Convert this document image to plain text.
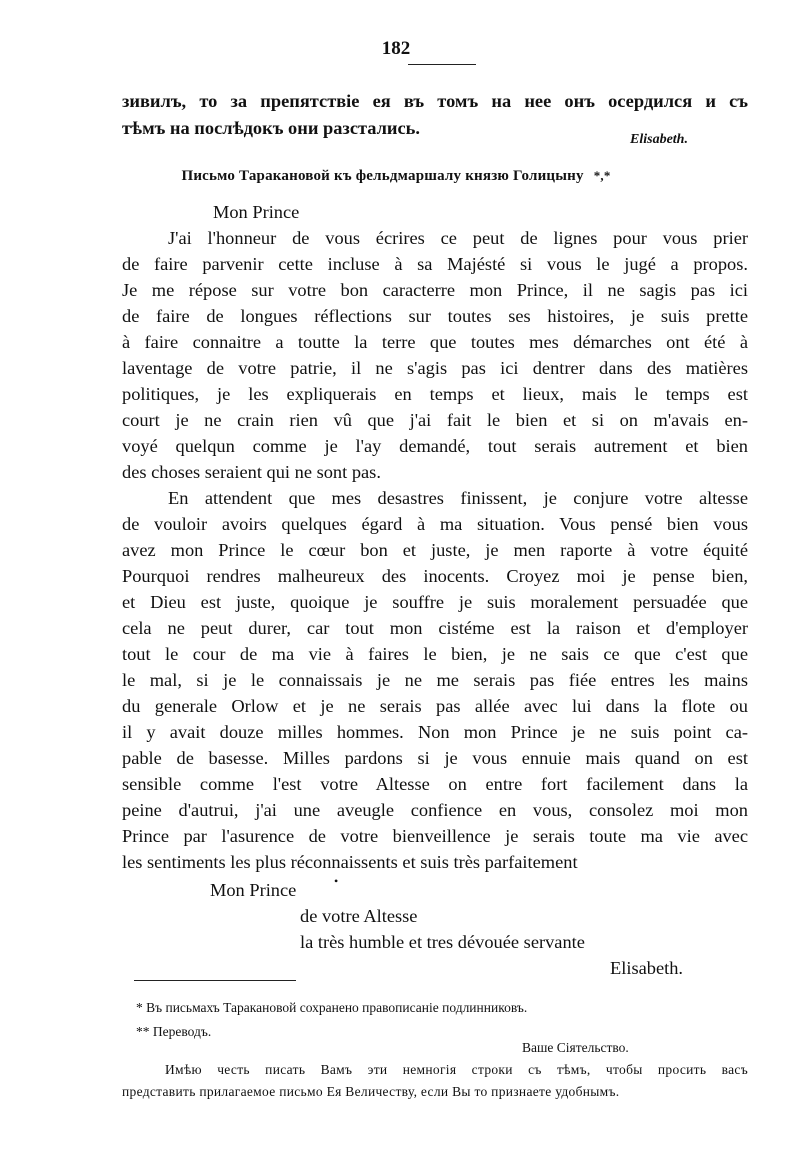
182
зивилъ, то за препятствіе ея въ томъ на нее онъ осердился и съ
тѣмъ на послѣдокъ они разстались.
Elisabeth.
Письмо Таракановой къ фельдмаршалу князю Голицыну *,*
Mon Prince
J'ai l'honneur de vous écrires ce peut de lignes pour vous prier
de faire parvenir cette incluse à sa Majésté si vous le jugé a propos.
Je me répose sur votre bon caracterre mon Prince, il ne sagis pas ici
de faire de longues réflections sur toutes ses histoires, je suis prette
à faire connaitre a toutte la terre que toutes mes démarches ont été à
laventage de votre patrie, il ne s'agis pas ici dentrer dans des matières
politiques, je les expliquerais en temps et lieux, mais le temps est
court je ne crain rien vû que j'ai fait le bien et si on m'avais en-
voyé quelqun comme je l'ay demandé, tout serais autrement et bien
des choses seraient qui ne sont pas.
En attendent que mes desastres finissent, je conjure votre altesse
de vouloir avoirs quelques égard à ma situation. Vous pensé bien vous
avez mon Prince le cœur bon et juste, je men raporte à votre équité
Pourquoi rendres malheureux des inocents. Croyez moi je pense bien,
et Dieu est juste, quoique je souffre je suis moralement persuadée que
cela ne peut durer, car tout mon cistéme est la raison et d'employer
tout le cour de ma vie à faires le bien, je ne sais ce que c'est que
le mal, si je le connaissais je ne me serais pas fiée entres les mains
du generale Orlow et je ne serais pas allée avec lui dans la flote ou
il y avait douze milles hommes. Non mon Prince je ne suis point ca-
pable de basesse. Milles pardons si je vous ennuie mais quand on est
sensible comme l'est votre Altesse on entre fort facilement dans la
peine d'autrui, j'ai une aveugle confience en vous, consolez moi mon
Prince par l'asurence de votre bienveillence je serais toute ma vie avec
les sentiments les plus réconnaissents et suis très parfaitement
Mon Prince	•
de votre Altesse
la très humble et tres dévouée servante
Elisabeth.
* Въ письмахъ Таракановой сохранено правописаніе подлинниковъ.
** Переводъ.
Ваше Сіятельство.
Имѣю честь писать Вамъ эти немногія строки съ тѣмъ, чтобы просить васъ
представить прилагаемое письмо Ея Величеству, если Вы то признаете удобнымъ.
